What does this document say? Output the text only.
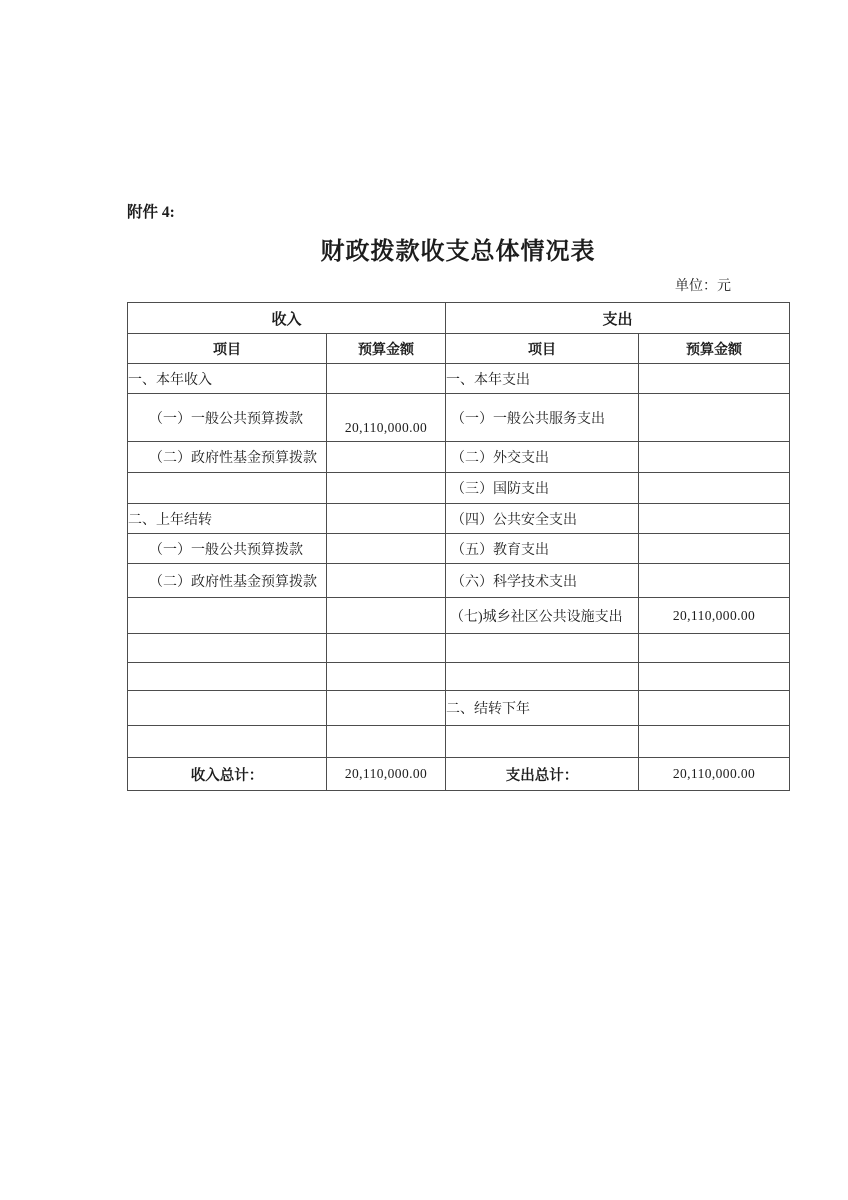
附件 4:
财政拨款收支总体情况表
单位：元
收入		支出	
项目	预算金额	项目	预算金额
一、本年收入		一、本年支出	
（一）一般公共预算拨款	20,110,000.00	（一）一般公共服务支出	
（二）政府性基金预算拨款		（二）外交支出	
		（三）国防支出	
二、上年结转		（四）公共安全支出	
（一）一般公共预算拨款		（五）教育支出	
（二）政府性基金预算拨款		（六）科学技术支出	
		（七)城乡社区公共设施支出	20,110,000.00

		二、结转下年	

收入总计：	20,110,000.00	支出总计：	20,110,000.00
